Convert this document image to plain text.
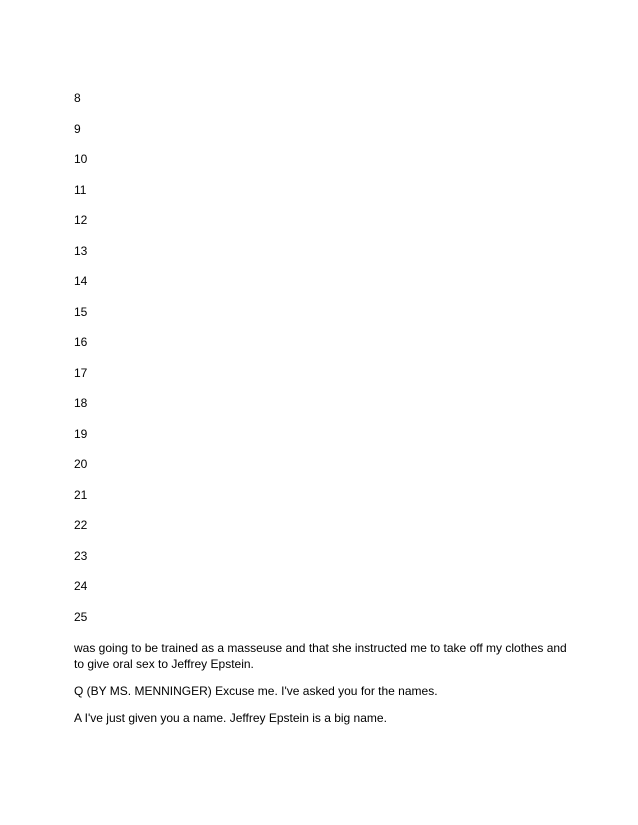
8
9
10
11
12
13
14
15
16
17
18
19
20
21
22
23
24
25

was going to be trained as a masseuse and that she instructed me to take off my clothes and to give oral sex to Jeffrey Epstein.

Q (BY MS. MENNINGER) Excuse me. I've asked you for the names.

A I've just given you a name. Jeffrey Epstein is a big name.
